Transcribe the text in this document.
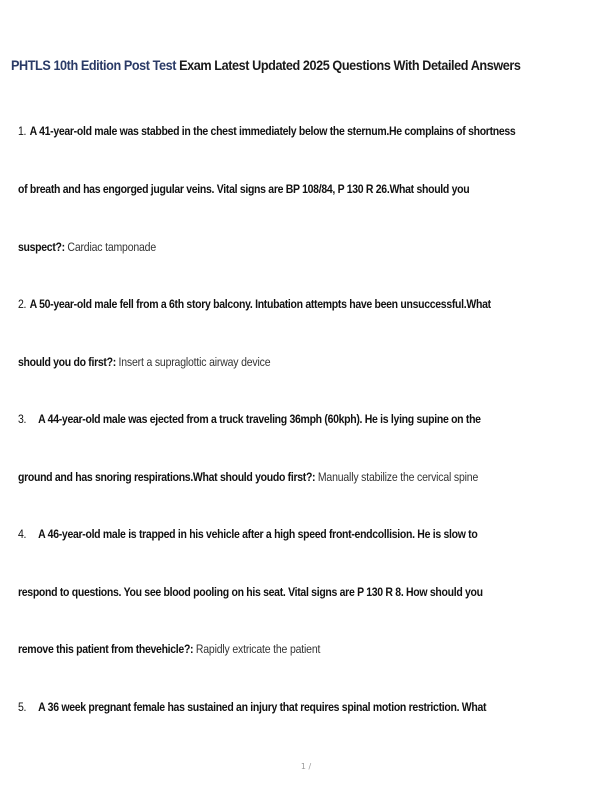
PHTLS 10th Edition Post Test Exam Latest Updated 2025 Questions With Detailed Answers
1. A 41-year-old male was stabbed in the chest immediately below the sternum.He complains of shortness
of breath and has engorged jugular veins. Vital signs are BP 108/84, P 130 R 26.What should you
suspect?:
Cardiac tamponade
2. A 50-year-old male fell from a 6th story balcony. Intubation attempts have been unsuccessful.What
should you do first?:
Insert a supraglottic airway device
3. A 44-year-old male was ejected from a truck traveling 36mph (60kph). He is lying supine on the
ground and has snoring respirations.What should youdo first?:
Manually stabilize the cervical spine
4. A 46-year-old male is trapped in his vehicle after a high speed front-endcollision. He is slow to
respond to questions. You see blood pooling on his seat. Vital signs are P 130 R 8. How should you
remove this patient from thevehicle?:
Rapidly extricate the patient
5. A 36 week pregnant female has sustained an injury that requires spinal motion restriction. What
1 /
